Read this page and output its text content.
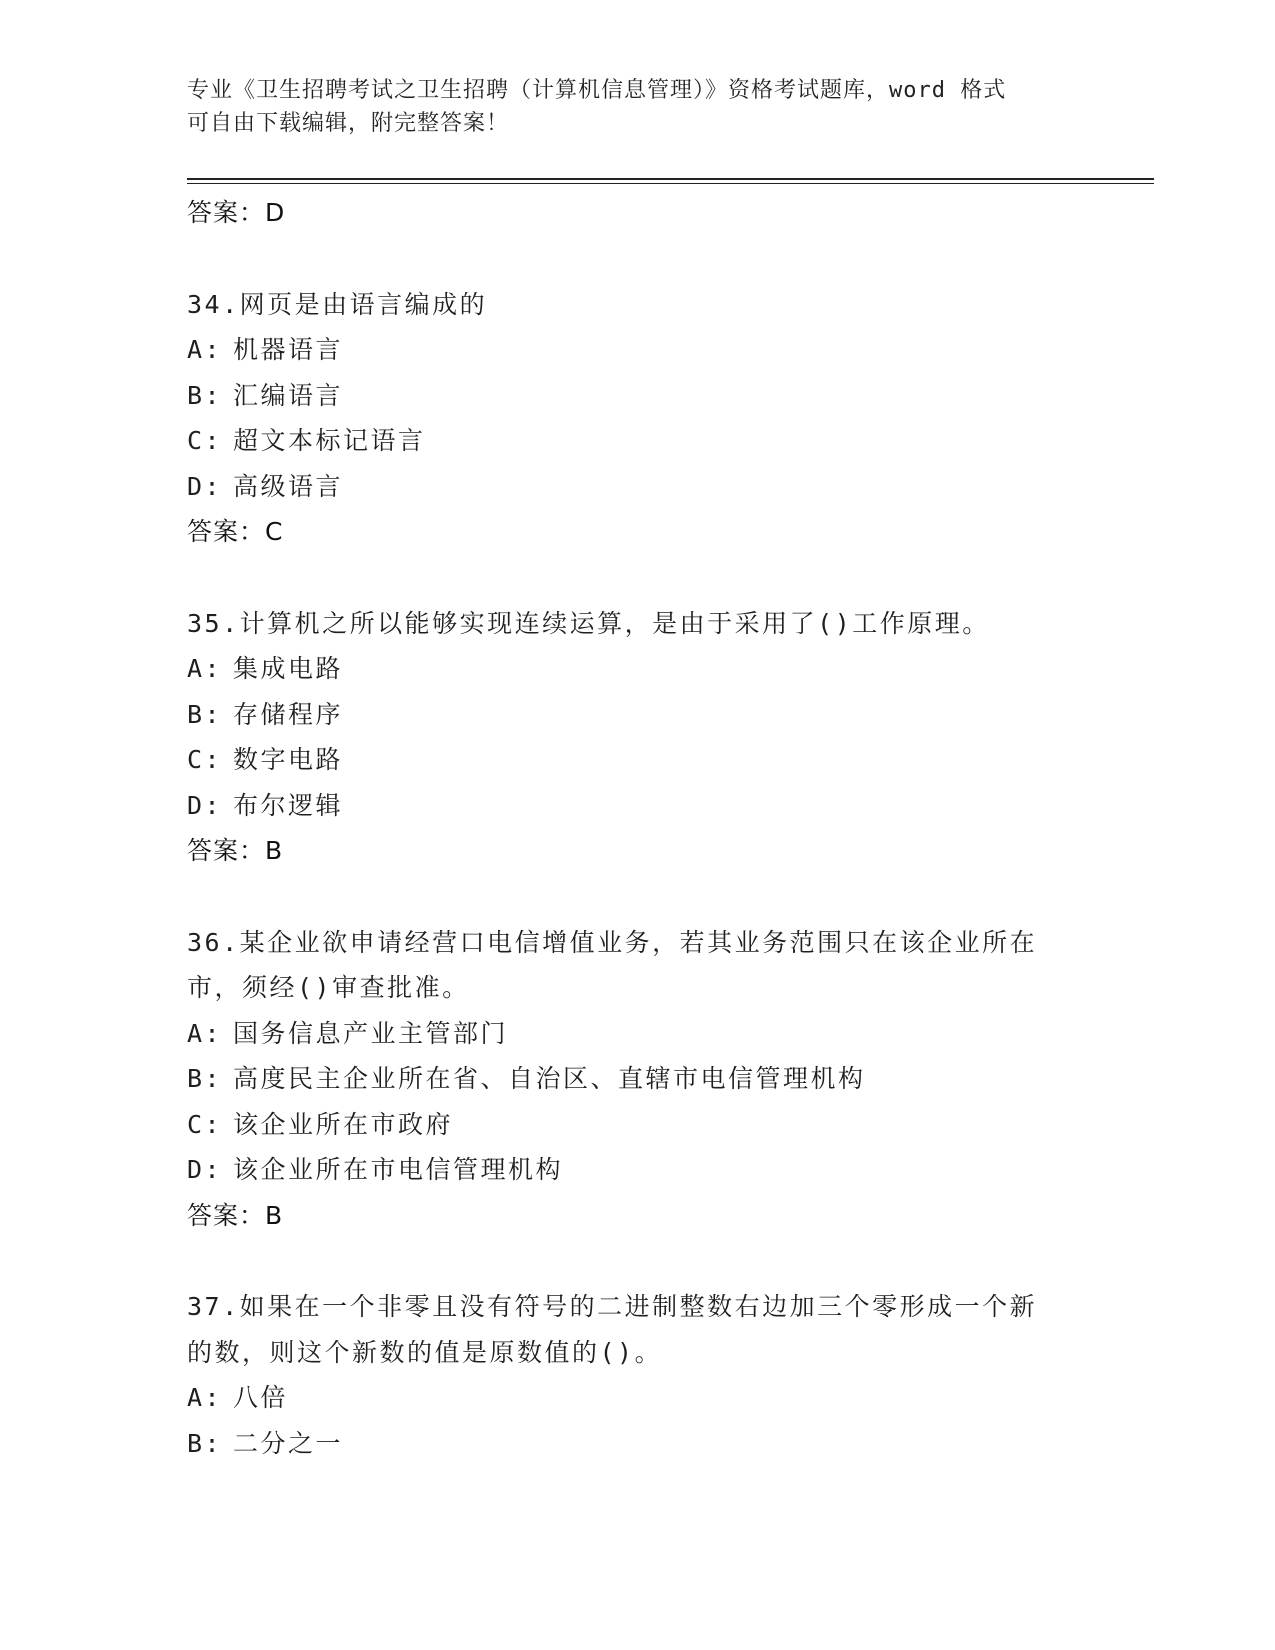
专业《卫生招聘考试之卫生招聘（计算机信息管理）》资格考试题库，word 格式
可自由下载编辑，附完整答案！
答案：D
34.网页是由语言编成的
A: 机器语言
B: 汇编语言
C: 超文本标记语言
D: 高级语言
答案：C
35.计算机之所以能够实现连续运算，是由于采用了()工作原理。
A: 集成电路
B: 存储程序
C: 数字电路
D: 布尔逻辑
答案：B
36.某企业欲申请经营口电信增值业务，若其业务范围只在该企业所在
市，须经()审查批准。
A: 国务信息产业主管部门
B: 高度民主企业所在省、自治区、直辖市电信管理机构
C: 该企业所在市政府
D: 该企业所在市电信管理机构
答案：B
37.如果在一个非零且没有符号的二进制整数右边加三个零形成一个新
的数，则这个新数的值是原数值的()。
A: 八倍
B: 二分之一
